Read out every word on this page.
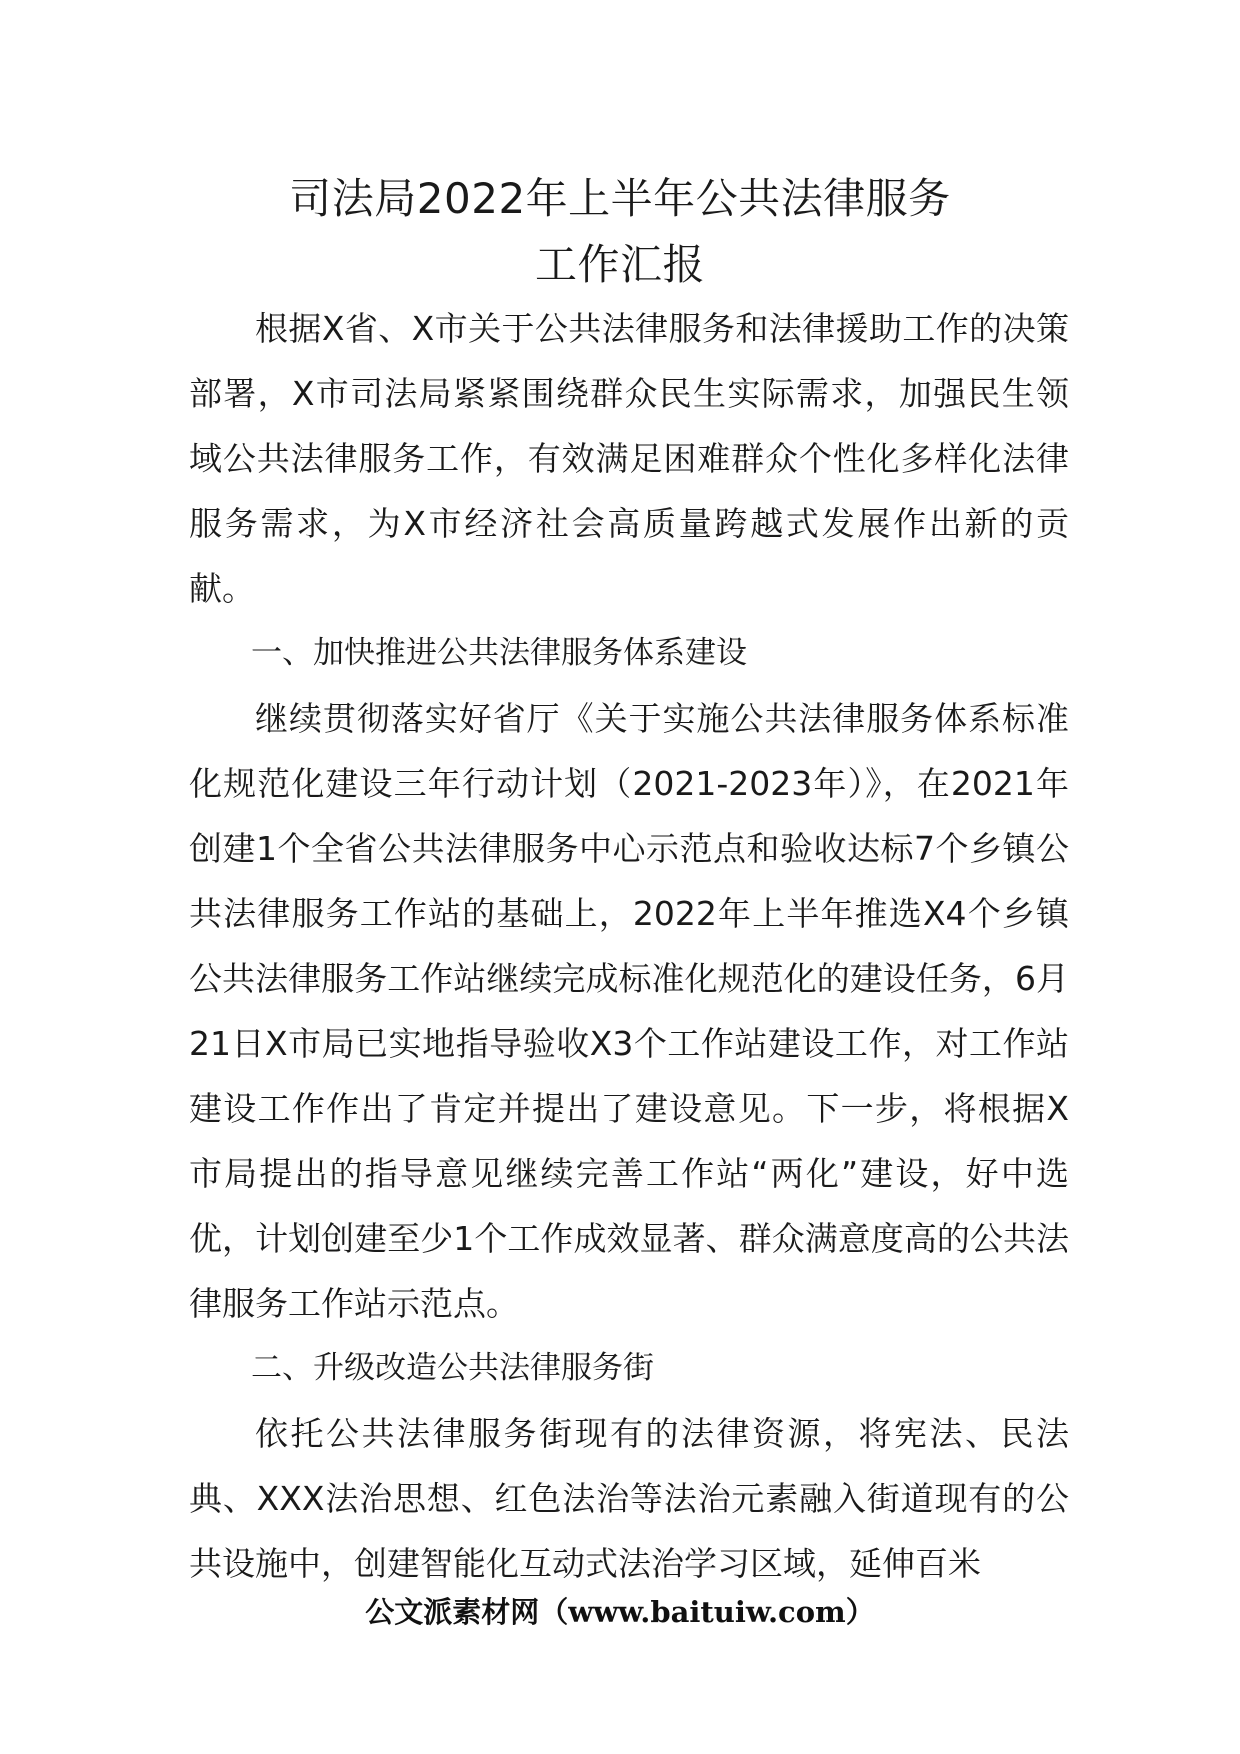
司法局2022年上半年公共法律服务
工作汇报

根据X省、X市关于公共法律服务和法律援助工作的决策部署，X市司法局紧紧围绕群众民生实际需求，加强民生领域公共法律服务工作，有效满足困难群众个性化多样化法律服务需求，为X市经济社会高质量跨越式发展作出新的贡献。

一、加快推进公共法律服务体系建设

继续贯彻落实好省厅《关于实施公共法律服务体系标准化规范化建设三年行动计划（2021-2023年）》，在2021年创建1个全省公共法律服务中心示范点和验收达标7个乡镇公共法律服务工作站的基础上，2022年上半年推选X4个乡镇公共法律服务工作站继续完成标准化规范化的建设任务，6月21日X市局已实地指导验收X3个工作站建设工作，对工作站建设工作作出了肯定并提出了建设意见。下一步，将根据X市局提出的指导意见继续完善工作站“两化”建设，好中选优，计划创建至少1个工作成效显著、群众满意度高的公共法律服务工作站示范点。

二、升级改造公共法律服务街

依托公共法律服务街现有的法律资源，将宪法、民法典、XXX法治思想、红色法治等法治元素融入街道现有的公共设施中，创建智能化互动式法治学习区域，延伸百米

公文派素材网（www.baituiw.com）
